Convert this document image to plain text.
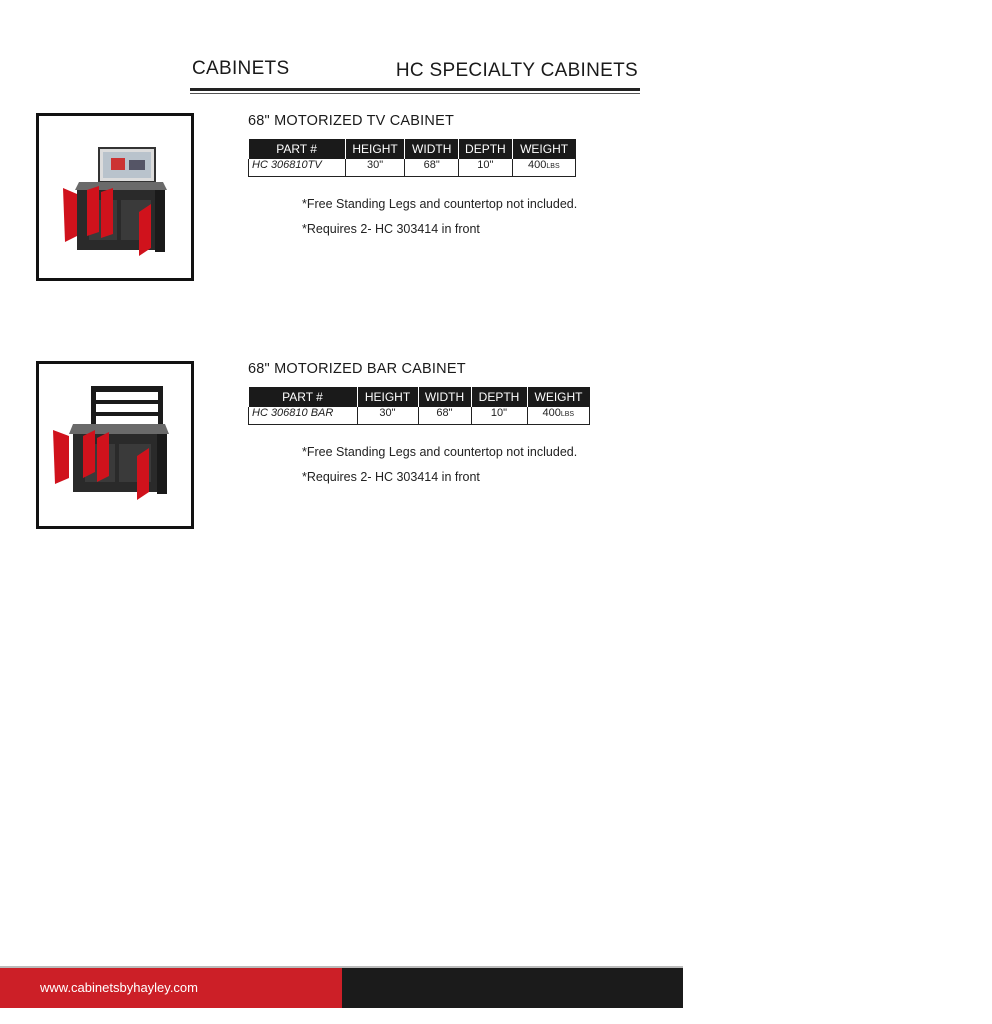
CABINETS	HC SPECIALTY CABINETS
68" MOTORIZED TV CABINET
PART #	HEIGHT	WIDTH	DEPTH	WEIGHT
HC 306810TV	30"	68"	10"	400LBS
*Free Standing Legs and countertop not included.
*Requires 2- HC 303414 in front
68" MOTORIZED BAR CABINET
PART #	HEIGHT	WIDTH	DEPTH	WEIGHT
HC 306810 BAR	30"	68"	10"	400LBS
*Free Standing Legs and countertop not included.
*Requires 2- HC 303414 in front
www.cabinetsbyhayley.com	21
CABINETS
BY
hayley
